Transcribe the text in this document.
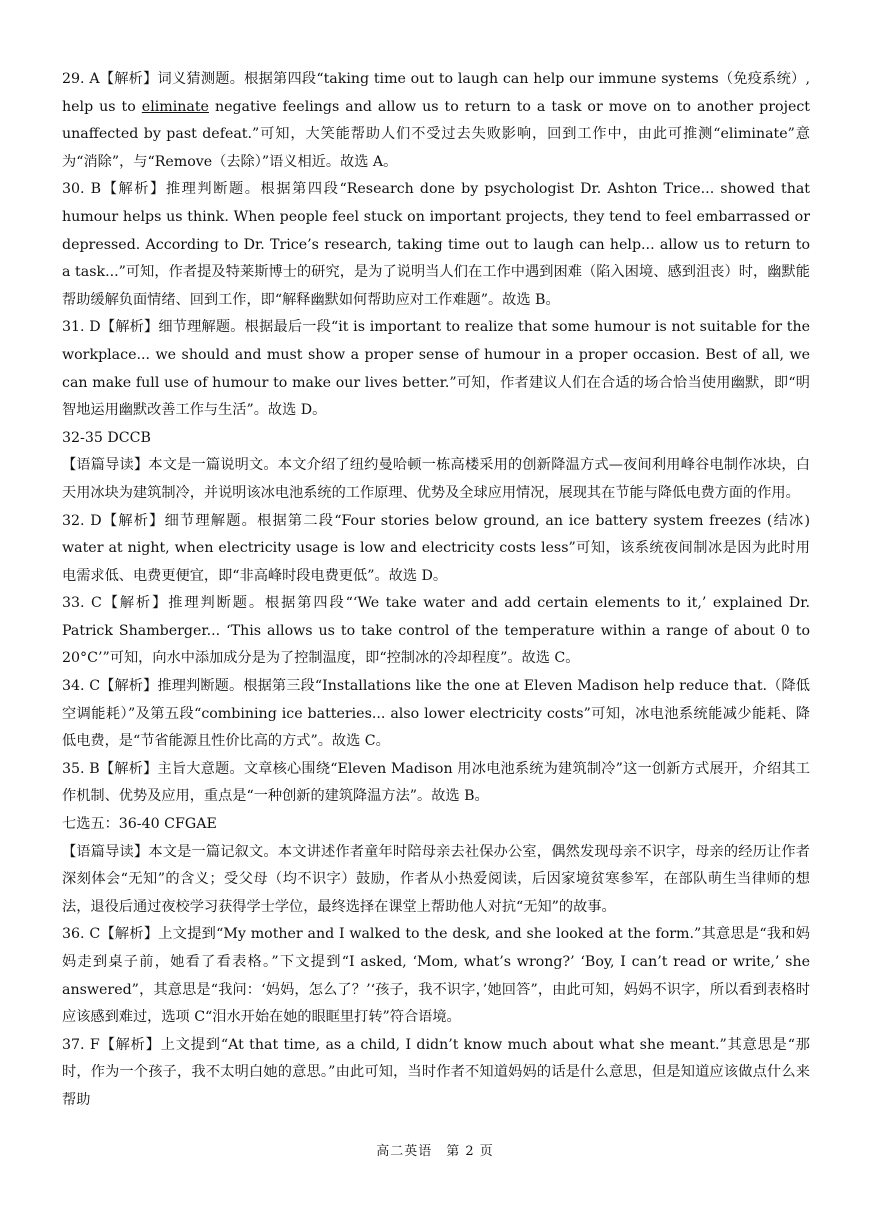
29. A【解析】词义猜测题。根据第四段“taking time out to laugh can help our immune systems（免疫系统）, help us to eliminate negative feelings and allow us to return to a task or move on to another project unaffected by past defeat.”可知，大笑能帮助人们不受过去失败影响，回到工作中，由此可推测“eliminate”意为“消除”，与“Remove（去除）”语义相近。故选 A。

30. B【解析】推理判断题。根据第四段“Research done by psychologist Dr. Ashton Trice... showed that humour helps us think. When people feel stuck on important projects, they tend to feel embarrassed or depressed. According to Dr. Trice’s research, taking time out to laugh can help... allow us to return to a task...”可知，作者提及特莱斯博士的研究，是为了说明当人们在工作中遇到困难（陷入困境、感到沮丧）时，幽默能帮助缓解负面情绪、回到工作，即“解释幽默如何帮助应对工作难题”。故选 B。

31. D【解析】细节理解题。根据最后一段“it is important to realize that some humour is not suitable for the workplace... we should and must show a proper sense of humour in a proper occasion. Best of all, we can make full use of humour to make our lives better.”可知，作者建议人们在合适的场合恰当使用幽默，即“明智地运用幽默改善工作与生活”。故选 D。

32-35 DCCB

【语篇导读】本文是一篇说明文。本文介绍了纽约曼哈顿一栋高楼采用的创新降温方式—夜间利用峰谷电制作冰块，白天用冰块为建筑制冷，并说明该冰电池系统的工作原理、优势及全球应用情况，展现其在节能与降低电费方面的作用。

32. D【解析】细节理解题。根据第二段“Four stories below ground, an ice battery system freezes (结冰) water at night, when electricity usage is low and electricity costs less”可知，该系统夜间制冰是因为此时用电需求低、电费更便宜，即“非高峰时段电费更低”。故选 D。

33. C【解析】推理判断题。根据第四段“‘We take water and add certain elements to it,’ explained Dr. Patrick Shamberger... ‘This allows us to take control of the temperature within a range of about 0 to 20°C’”可知，向水中添加成分是为了控制温度，即“控制冰的冷却程度”。故选 C。

34. C【解析】推理判断题。根据第三段“Installations like the one at Eleven Madison help reduce that.（降低空调能耗）”及第五段“combining ice batteries... also lower electricity costs”可知，冰电池系统能减少能耗、降低电费，是“节省能源且性价比高的方式”。故选 C。

35. B【解析】主旨大意题。文章核心围绕“Eleven Madison 用冰电池系统为建筑制冷”这一创新方式展开，介绍其工作机制、优势及应用，重点是“一种创新的建筑降温方法”。故选 B。

七选五：36-40 CFGAE

【语篇导读】本文是一篇记叙文。本文讲述作者童年时陪母亲去社保办公室，偶然发现母亲不识字，母亲的经历让作者深刻体会“无知”的含义；受父母（均不识字）鼓励，作者从小热爱阅读，后因家境贫寒参军，在部队萌生当律师的想法，退役后通过夜校学习获得学士学位，最终选择在课堂上帮助他人对抗“无知”的故事。

36. C【解析】上文提到“My mother and I walked to the desk, and she looked at the form.”其意思是“我和妈妈走到桌子前，她看了看表格。”下文提到“I asked, ‘Mom, what’s wrong?’ ‘Boy, I can’t read or write,’ she answered”，其意思是“我问：‘妈妈，怎么了？’‘孩子，我不识字，’她回答”，由此可知，妈妈不识字，所以看到表格时应该感到难过，选项 C“泪水开始在她的眼眶里打转”符合语境。

37. F【解析】上文提到“At that time, as a child, I didn’t know much about what she meant.”其意思是“那时，作为一个孩子，我不太明白她的意思。”由此可知，当时作者不知道妈妈的话是什么意思，但是知道应该做点什么来帮助

高二英语　第 2 页
